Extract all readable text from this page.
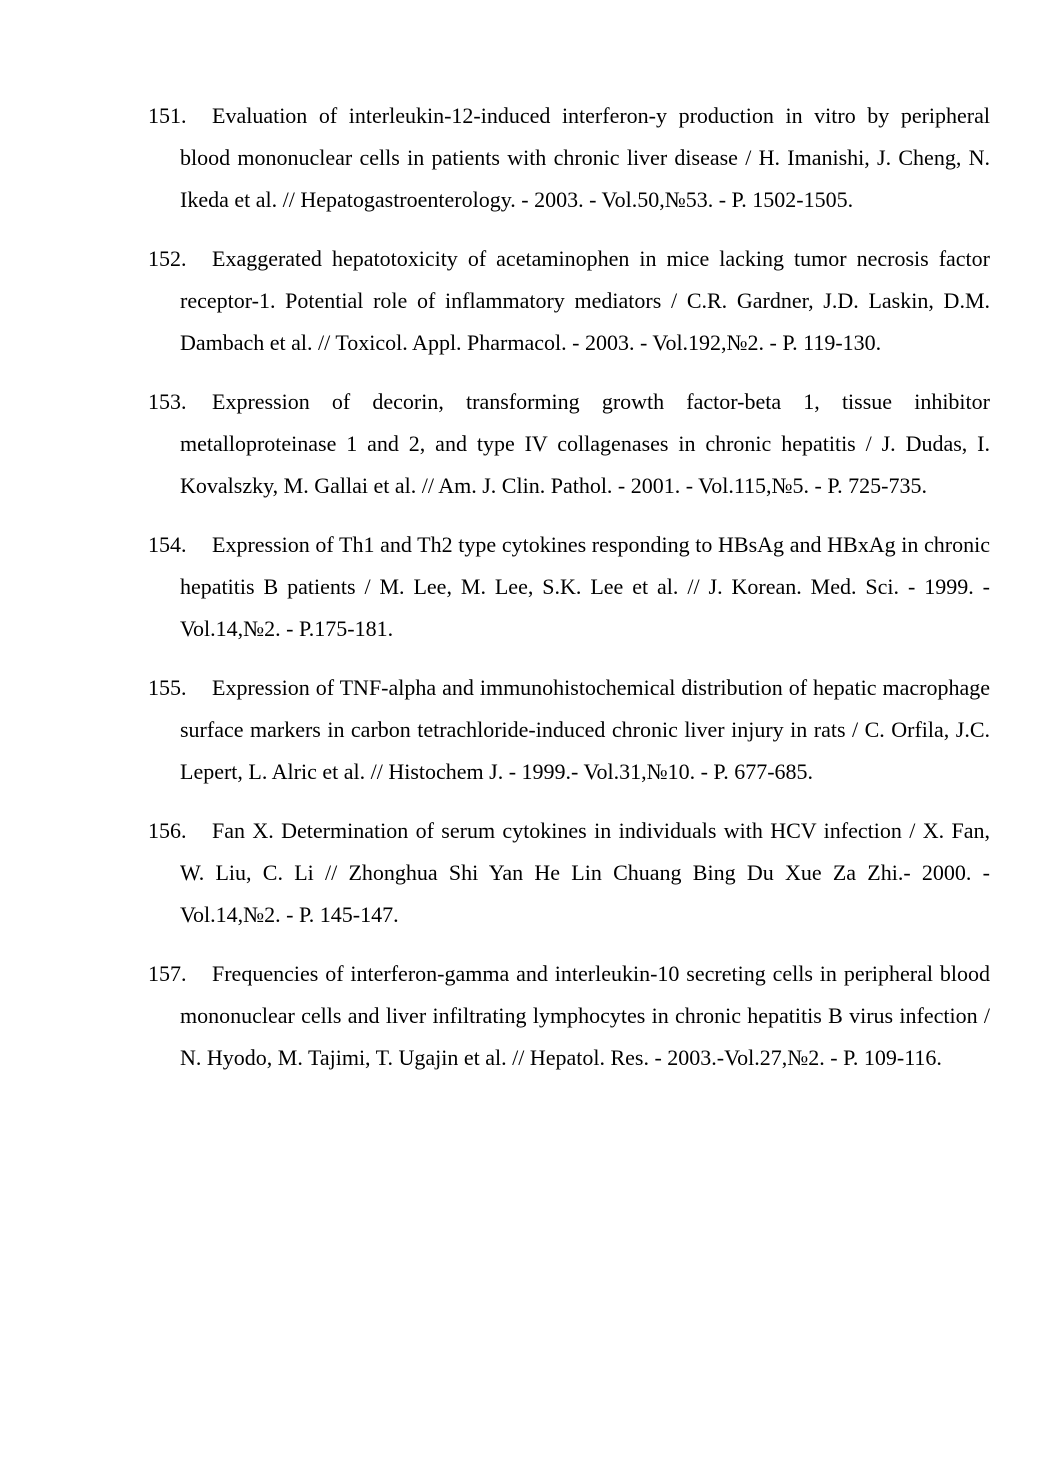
151.	Evaluation of interleukin-12-induced interferon-y production in vitro by peripheral blood mononuclear cells in patients with chronic liver disease / H. Imanishi, J. Cheng, N. Ikeda et al. // Hepatogastroenterology. - 2003. - Vol.50,№53. - P. 1502-1505.
152.	Exaggerated hepatotoxicity of acetaminophen in mice lacking tumor necrosis factor receptor-1. Potential role of inflammatory mediators / C.R. Gardner, J.D. Laskin, D.M. Dambach et al. // Toxicol. Appl. Pharmacol. - 2003. - Vol.192,№2. - P. 119-130.
153.	Expression of decorin, transforming growth factor-beta 1, tissue inhibitor metalloproteinase 1 and 2, and type IV collagenases in chronic hepatitis / J. Dudas, I. Kovalszky, M. Gallai et al. // Am. J. Clin. Pathol. - 2001. - Vol.115,№5. - P. 725-735.
154.	Expression of Th1 and Th2 type cytokines responding to HBsAg and HBxAg in chronic hepatitis B patients / M. Lee, M. Lee, S.K. Lee et al. // J. Korean. Med. Sci. - 1999. - Vol.14,№2. - P.175-181.
155.	Expression of TNF-alpha and immunohistochemical distribution of hepatic macrophage surface markers in carbon tetrachloride-induced chronic liver injury in rats / C. Orfila, J.C. Lepert, L. Alric et al. // Histochem J. - 1999.- Vol.31,№10. - P. 677-685.
156.	Fan X. Determination of serum cytokines in individuals with HCV infection / X. Fan, W. Liu, C. Li // Zhonghua Shi Yan He Lin Chuang Bing Du Xue Za Zhi.- 2000. - Vol.14,№2. - P. 145-147.
157.	Frequencies of interferon-gamma and interleukin-10 secreting cells in peripheral blood mononuclear cells and liver infiltrating lymphocytes in chronic hepatitis B virus infection / N. Hyodo, M. Tajimi, T. Ugajin et al. // Hepatol. Res. - 2003.-Vol.27,№2. - P. 109-116.
